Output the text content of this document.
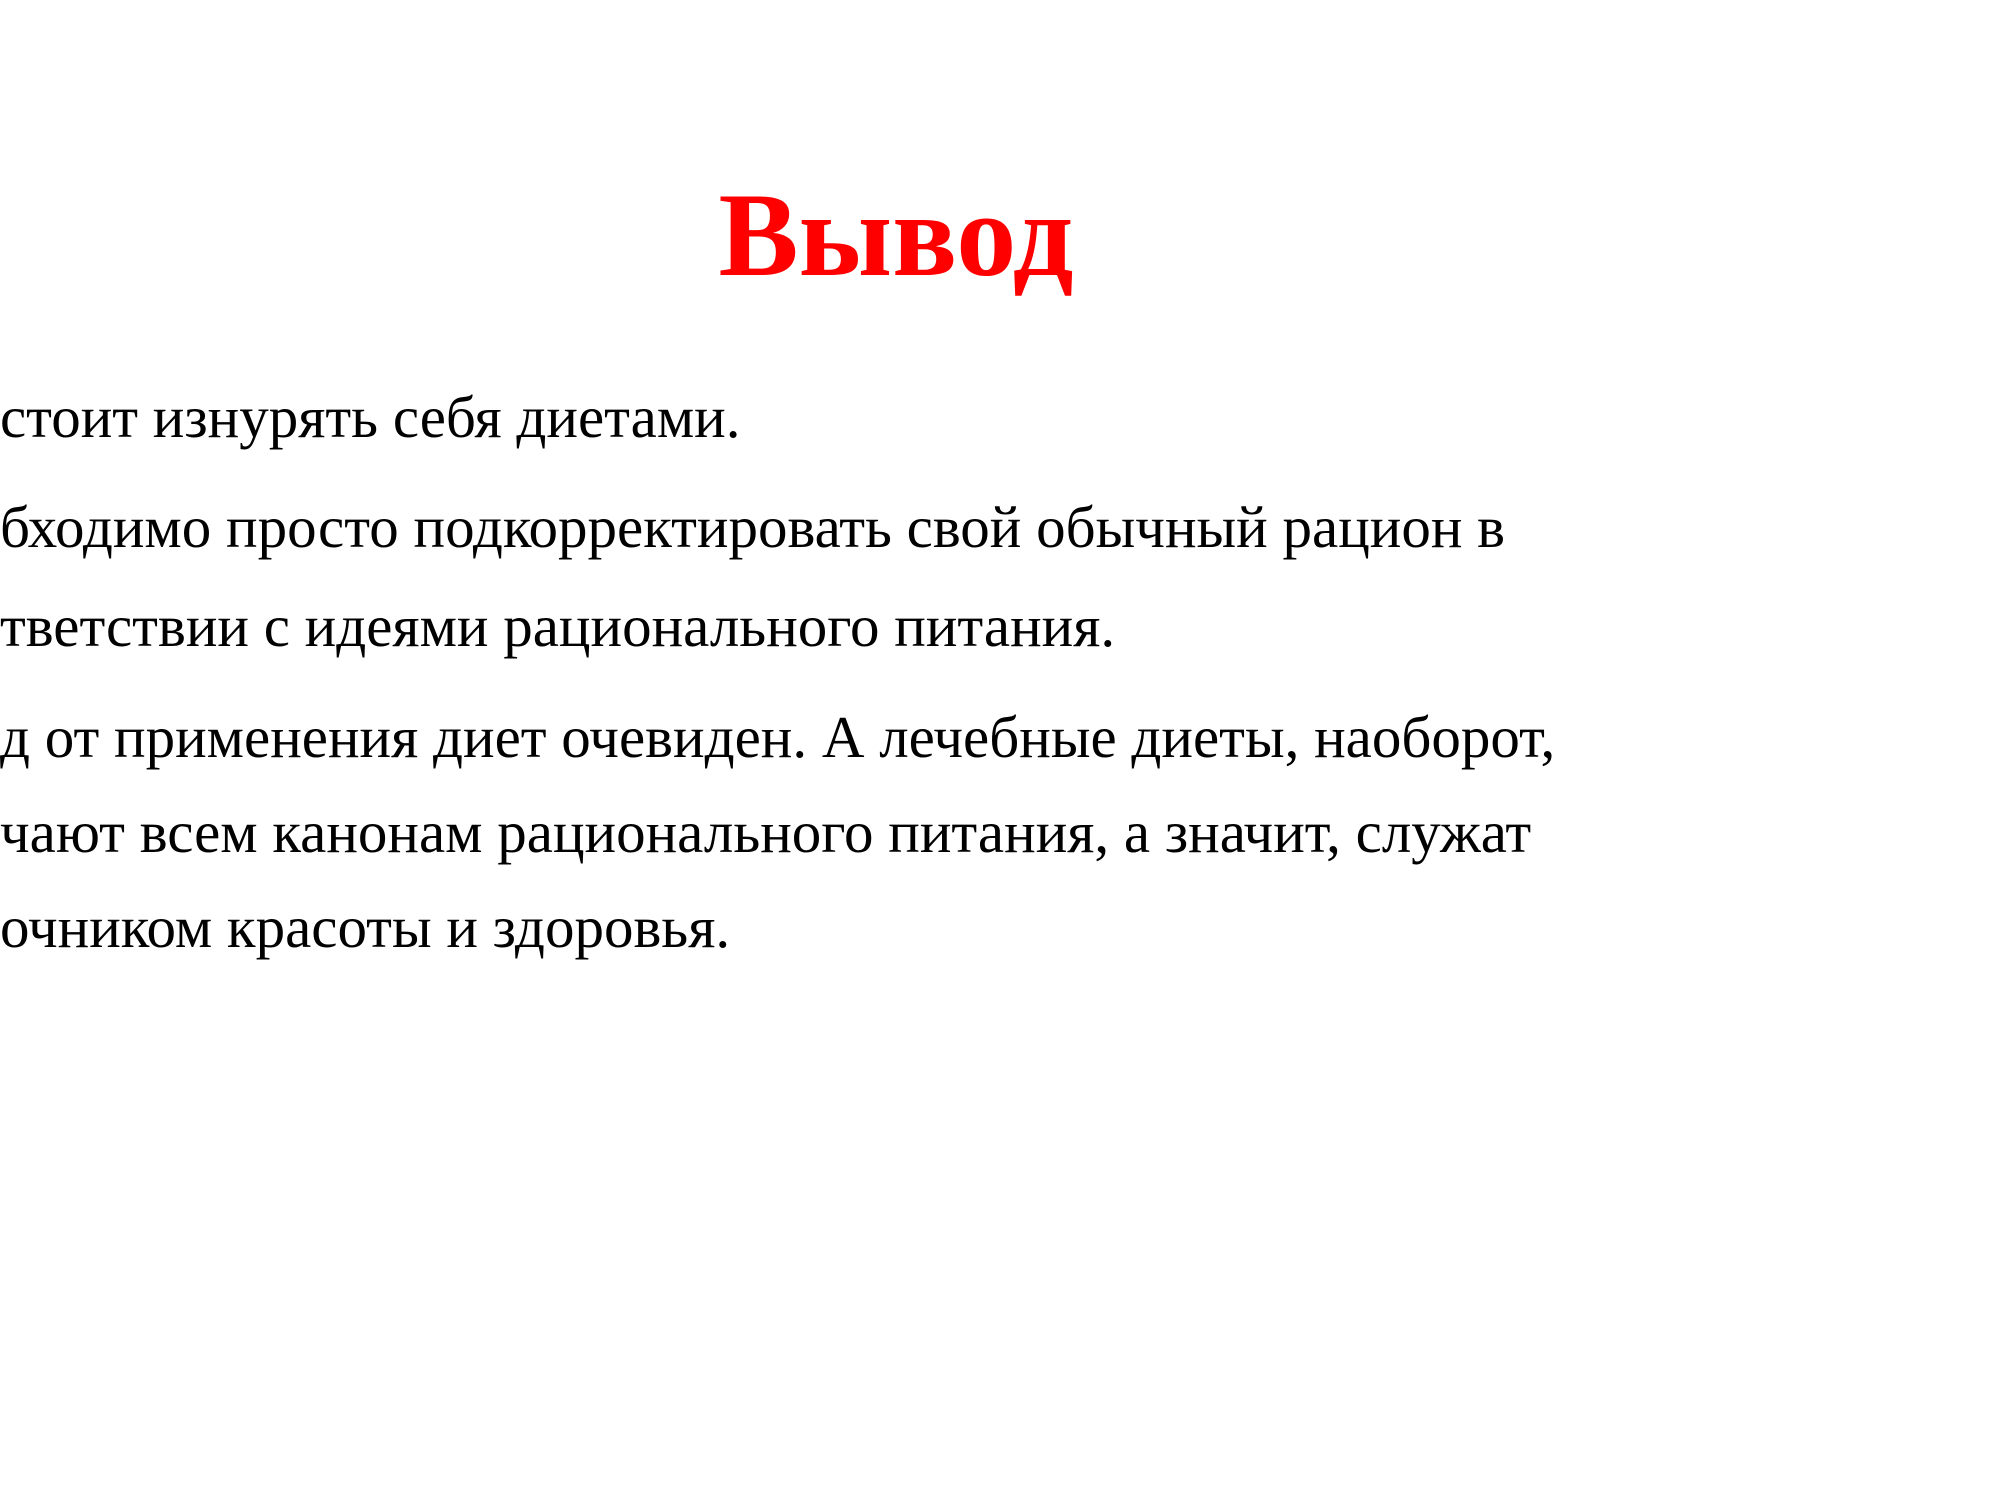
Вывод

стоит изнурять себя диетами.

бходимо просто подкорректировать свой обычный рацион в

тветствии с идеями рационального питания.

д от применения диет очевиден. А лечебные диеты, наоборот,

чают всем канонам рационального питания, а значит, служат

очником красоты и здоровья.
